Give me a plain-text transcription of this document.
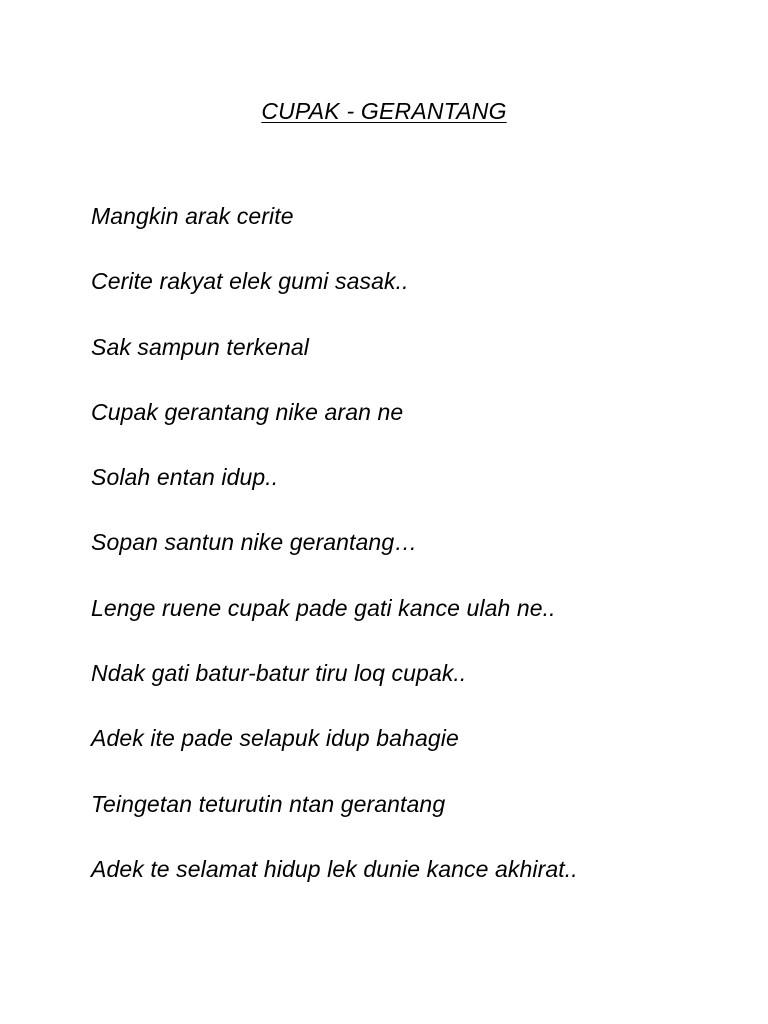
CUPAK - GERANTANG
Mangkin arak cerite
Cerite rakyat elek gumi sasak..
Sak sampun terkenal
Cupak gerantang nike aran ne
Solah entan idup..
Sopan santun nike gerantang…
Lenge ruene cupak pade gati kance ulah ne..
Ndak gati batur-batur tiru loq cupak..
Adek ite pade selapuk idup bahagie
Teingetan teturutin ntan gerantang
Adek te selamat hidup lek dunie kance akhirat..
